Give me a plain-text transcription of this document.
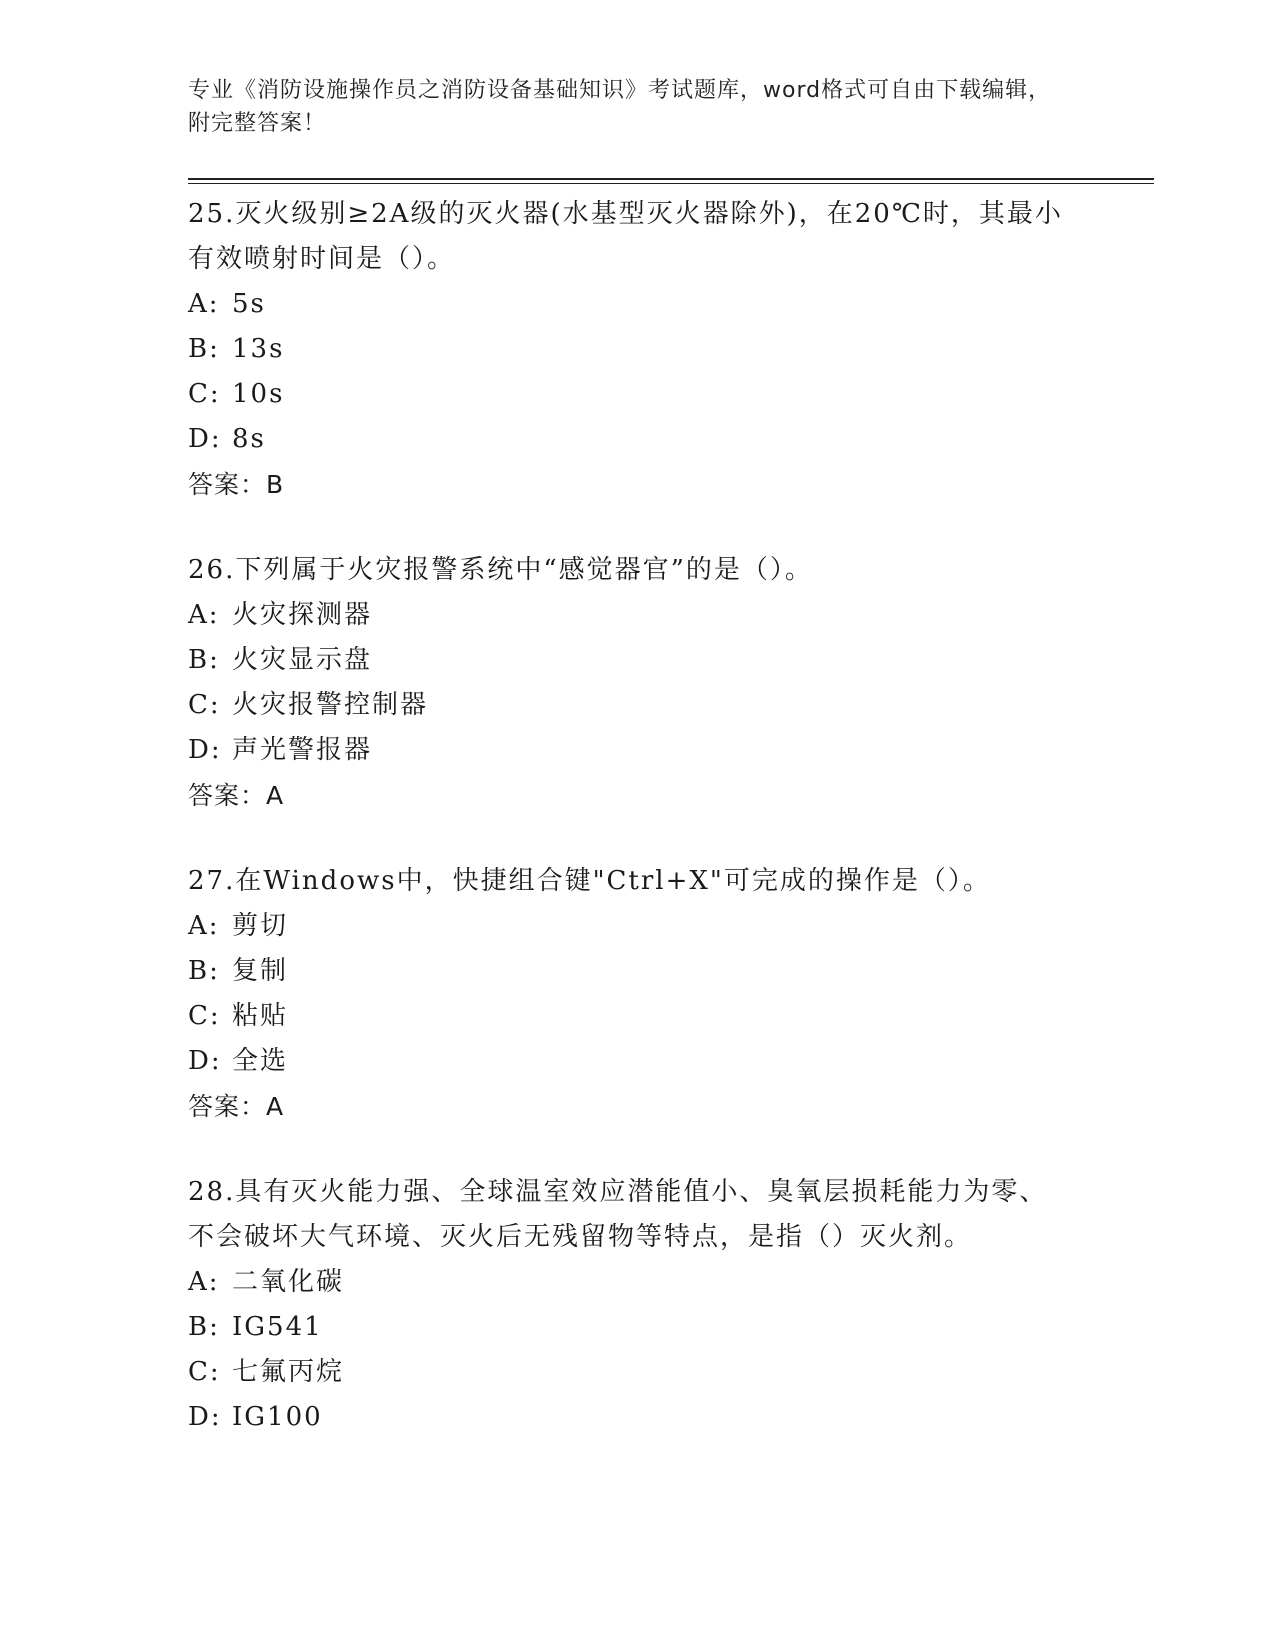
专业《消防设施操作员之消防设备基础知识》考试题库，word格式可自由下载编辑，附完整答案！

25.灭火级别≥2A级的灭火器(水基型灭火器除外)，在20℃时，其最小有效喷射时间是（）。

A: 5s

B: 13s

C: 10s

D: 8s

答案：B

26.下列属于火灾报警系统中“感觉器官”的是（）。

A: 火灾探测器

B: 火灾显示盘

C: 火灾报警控制器

D: 声光警报器

答案：A

27.在Windows中，快捷组合键"Ctrl+X"可完成的操作是（）。

A: 剪切

B: 复制

C: 粘贴

D: 全选

答案：A

28.具有灭火能力强、全球温室效应潜能值小、臭氧层损耗能力为零、不会破坏大气环境、灭火后无残留物等特点，是指（）灭火剂。

A: 二氧化碳

B: IG541

C: 七氟丙烷

D: IG100
